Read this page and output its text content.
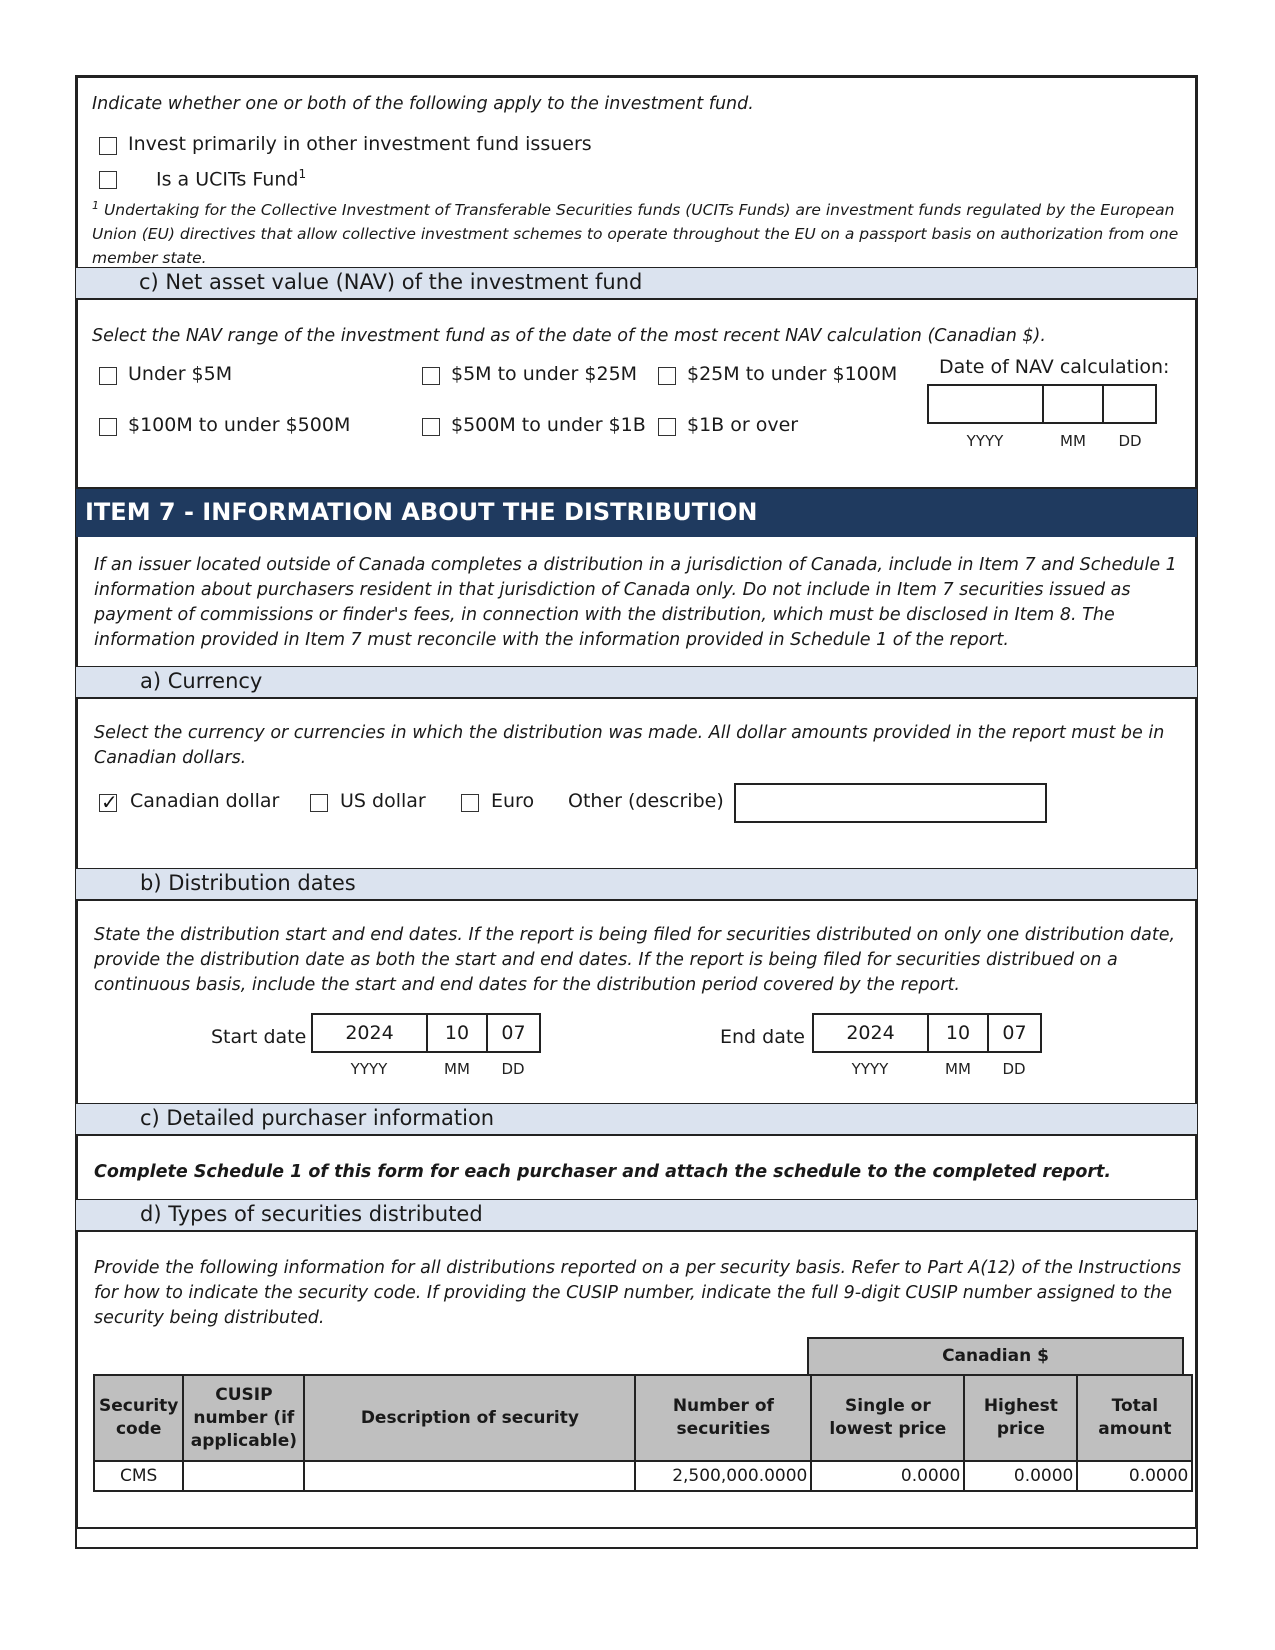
Indicate whether one or both of the following apply to the investment fund.
Invest primarily in other investment fund issuers
Is a UCITs Fund$^1$
$^1$ Undertaking for the Collective Investment of Transferable Securities funds (UCITs Funds) are investment funds regulated by the European Union (EU) directives that allow collective investment schemes to operate throughout the EU on a passport basis on authorization from one member state.
c) Net asset value (NAV) of the investment fund
Select the NAV range of the investment fund as of the date of the most recent NAV calculation (Canadian $).
Under $5M	$5M to under $25M	$25M to under $100M
$100M to under $500M	$500M to under $1B $1B or over
Date of NAV calculation:
YYYY	MM	DD
ITEM 7 - INFORMATION ABOUT THE DISTRIBUTION
If an issuer located outside of Canada completes a distribution in a jurisdiction of Canada, include in Item 7 and Schedule 1 information about purchasers resident in that jurisdiction of Canada only. Do not include in Item 7 securities issued as payment of commissions or finder's fees, in connection with the distribution, which must be disclosed in Item 8. The information provided in Item 7 must reconcile with the information provided in Schedule 1 of the report.
a) Currency
Select the currency or currencies in which the distribution was made. All dollar amounts provided in the report must be in Canadian dollars.
✓
Canadian dollar	US dollar	Euro Other (describe)
b) Distribution dates
State the distribution start and end dates. If the report is being filed for securities distributed on only one distribution date, provide the distribution date as both the start and end dates. If the report is being filed for securities distribued on a continuous basis, include the start and end dates for the distribution period covered by the report.
Start date	2024	10	07
YYYY	MM	DD
End date	2024	10	07
YYYY	MM	DD
c) Detailed purchaser information
Complete Schedule 1 of this form for each purchaser and attach the schedule to the completed report.
d) Types of securities distributed
Provide the following information for all distributions reported on a per security basis. Refer to Part A(12) of the Instructions for how to indicate the security code. If providing the CUSIP number, indicate the full 9-digit CUSIP number assigned to the security being distributed.
Canadian $
Security code	CUSIP number (if applicable)	Description of security	Number of securities	Single or lowest price	Highest price	Total amount
CMS			2,500,000.0000	0.0000	0.0000	0.0000
